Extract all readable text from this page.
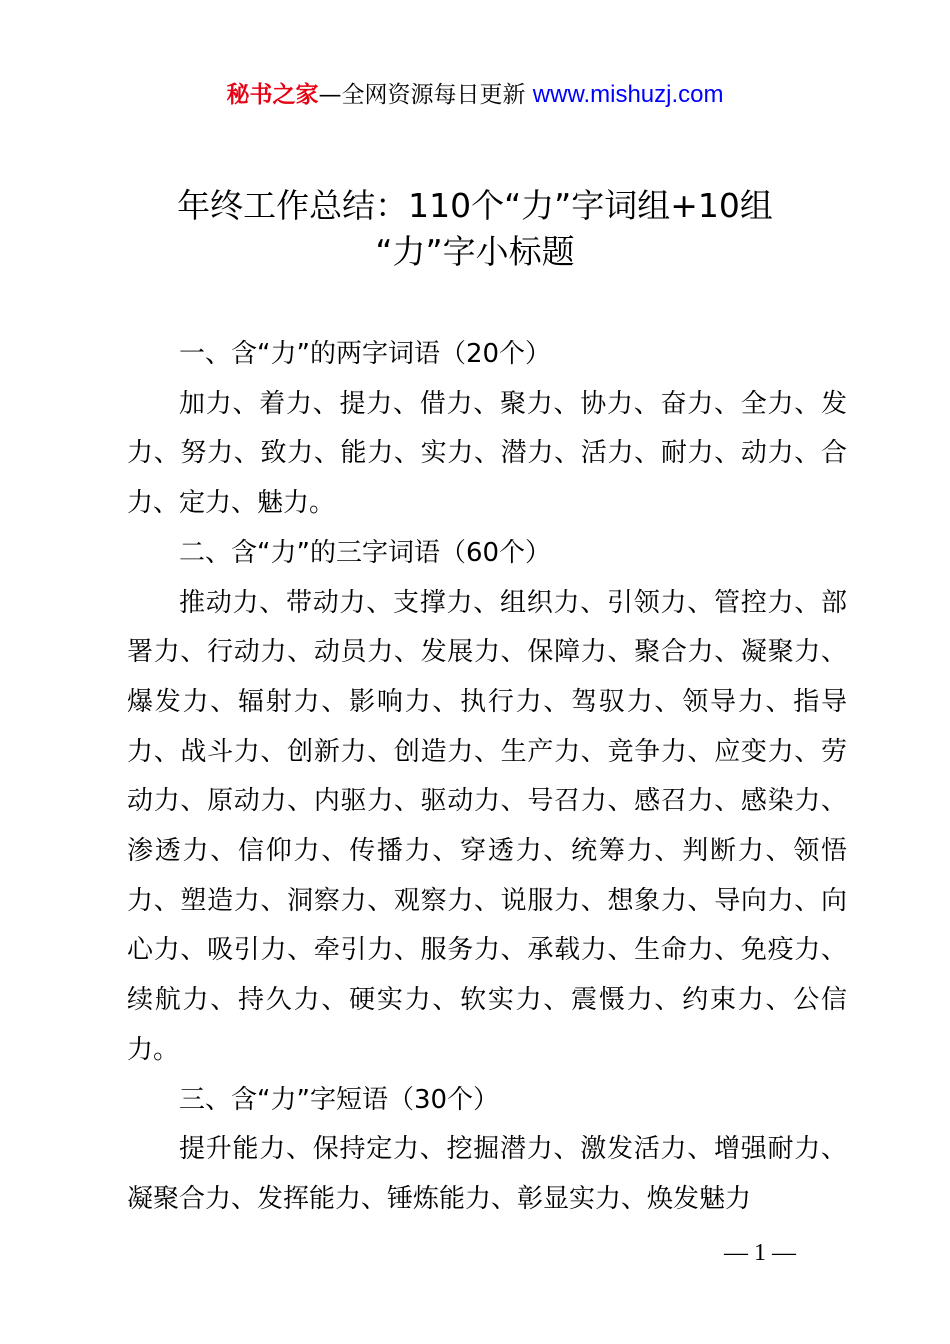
秘书之家—全网资源每日更新 www.mishuzj.com
年终工作总结：110个“力”字词组+10组
“力”字小标题

一、含“力”的两字词语（20个）

加力、着力、提力、借力、聚力、协力、奋力、全力、发力、努力、致力、能力、实力、潜力、活力、耐力、动力、合力、定力、魅力。

二、含“力”的三字词语（60个）

推动力、带动力、支撑力、组织力、引领力、管控力、部署力、行动力、动员力、发展力、保障力、聚合力、凝聚力、爆发力、辐射力、影响力、执行力、驾驭力、领导力、指导力、战斗力、创新力、创造力、生产力、竞争力、应变力、劳动力、原动力、内驱力、驱动力、号召力、感召力、感染力、渗透力、信仰力、传播力、穿透力、统筹力、判断力、领悟力、塑造力、洞察力、观察力、说服力、想象力、导向力、向心力、吸引力、牵引力、服务力、承载力、生命力、免疫力、续航力、持久力、硬实力、软实力、震慑力、约束力、公信力。

三、含“力”字短语（30个）

提升能力、保持定力、挖掘潜力、激发活力、增强耐力、凝聚合力、发挥能力、锤炼能力、彰显实力、焕发魅力

— 1 —
